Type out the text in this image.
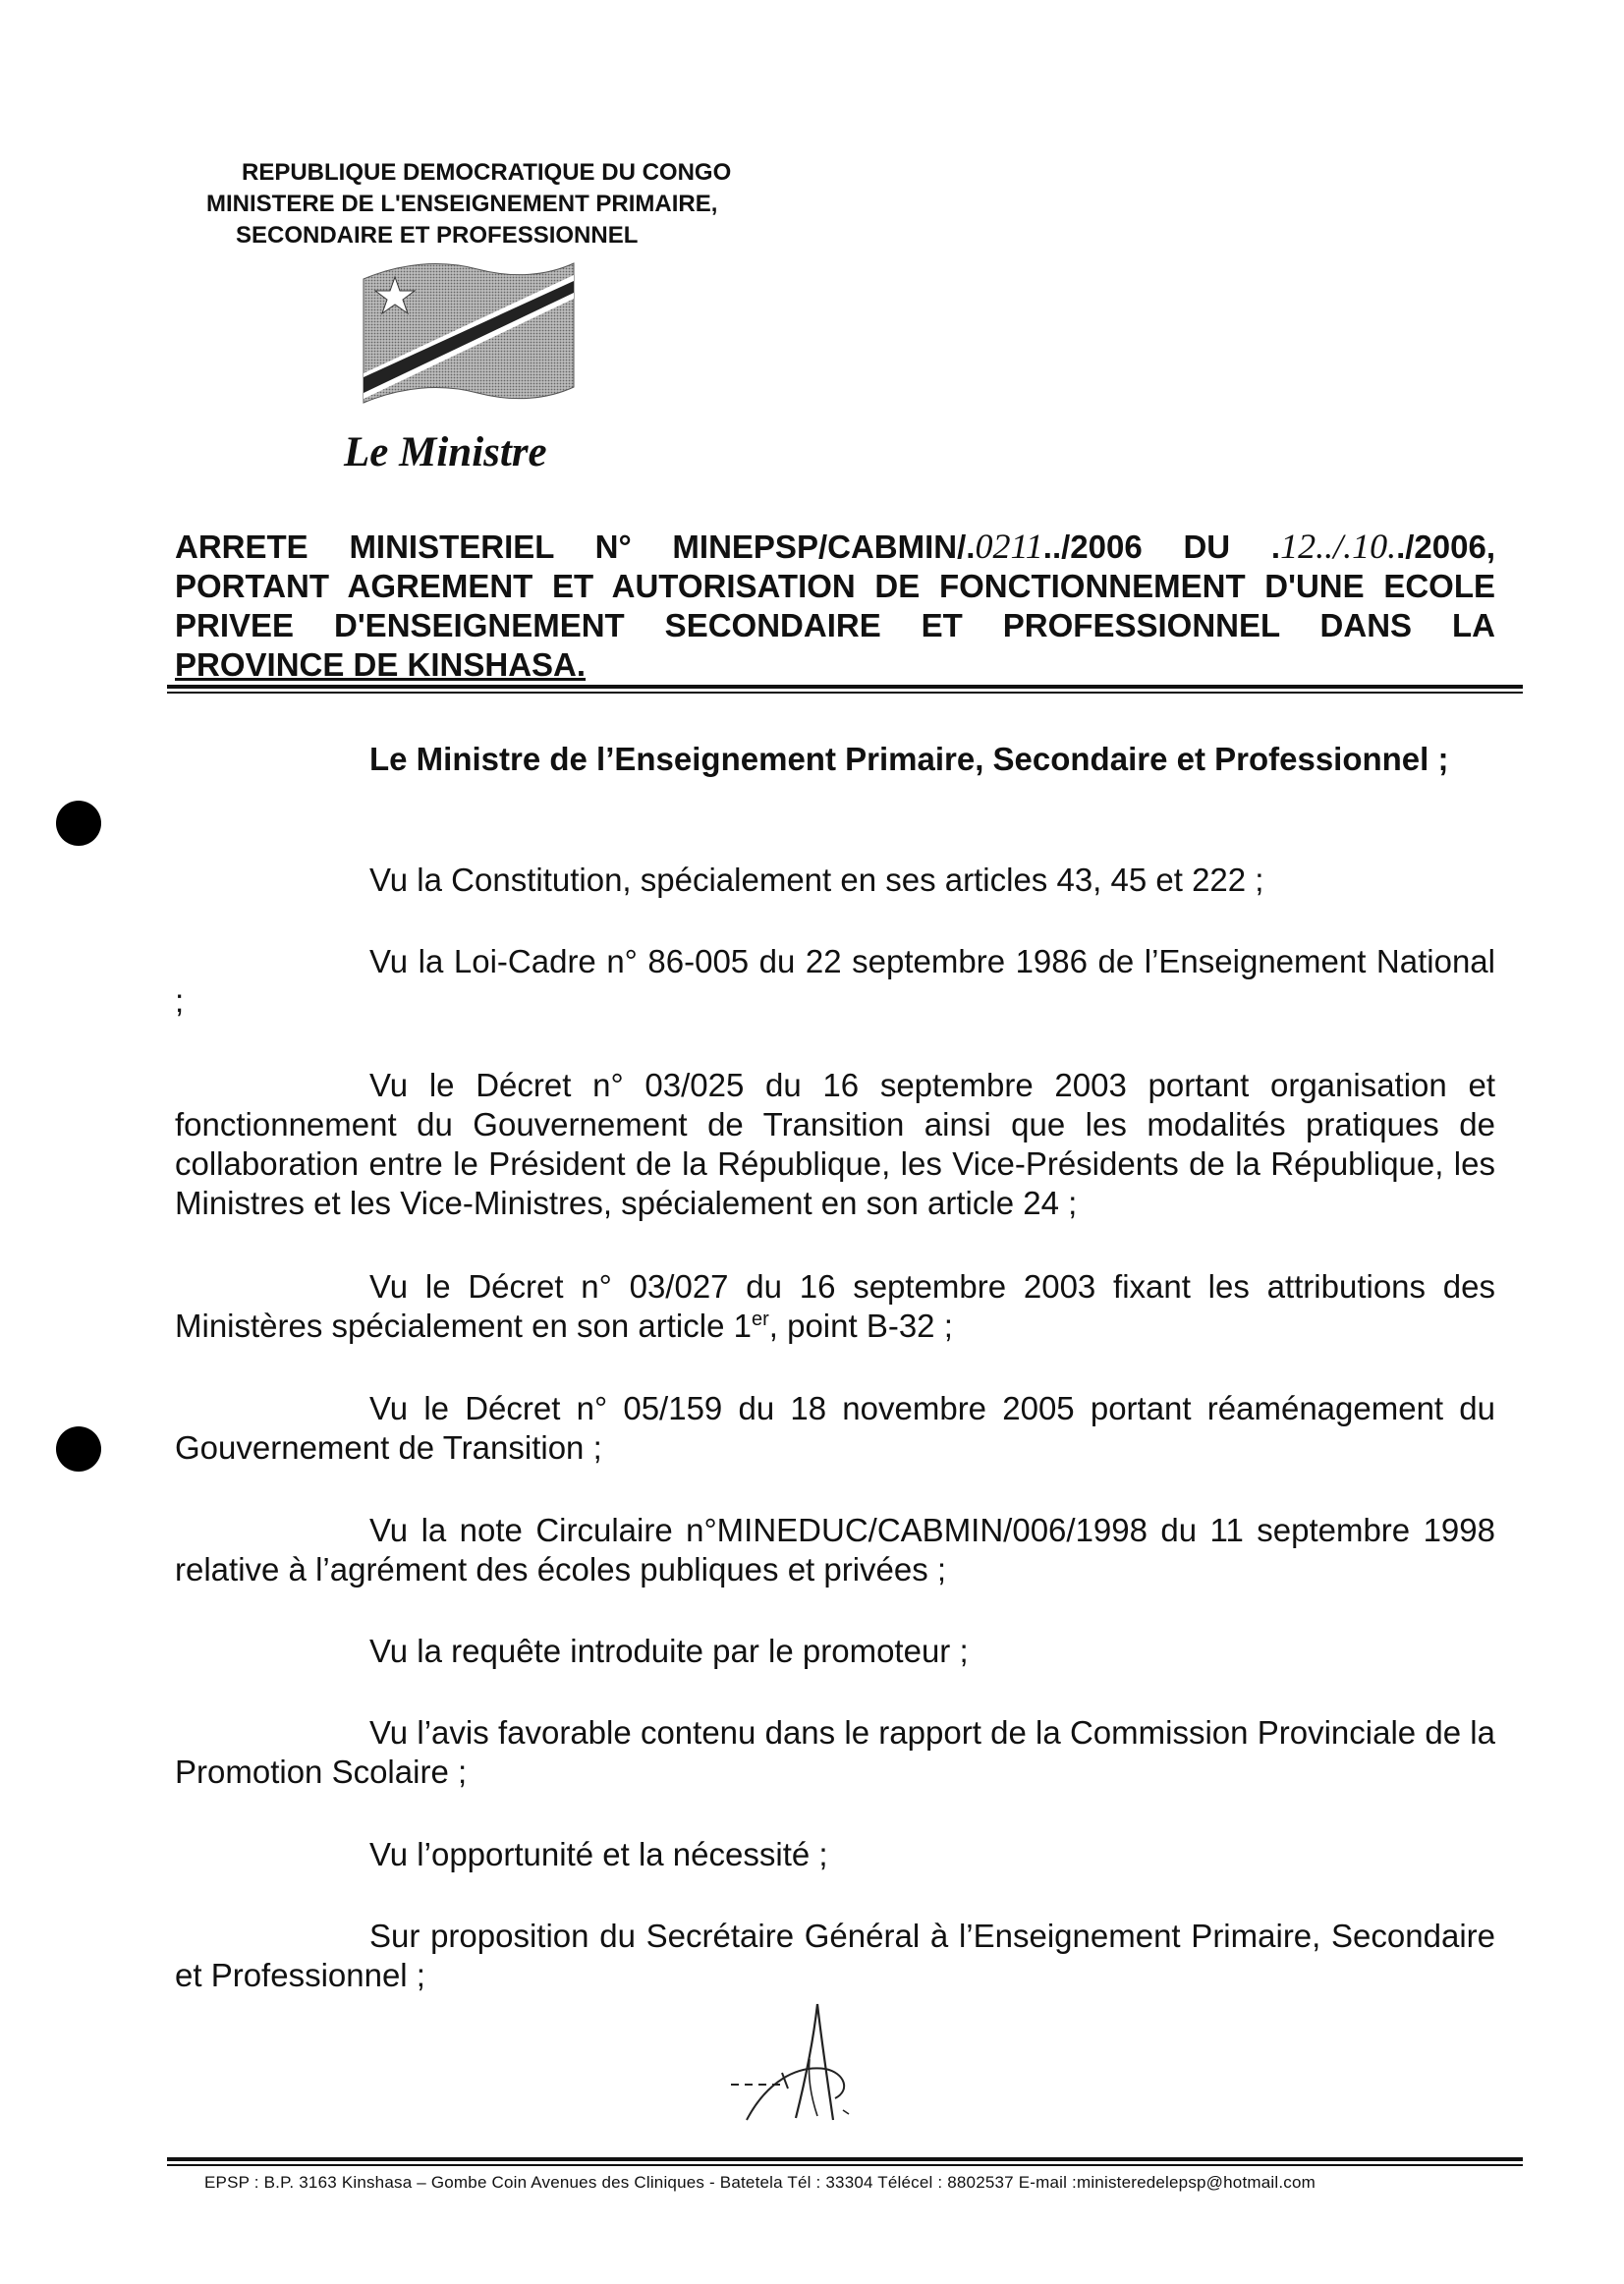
REPUBLIQUE DEMOCRATIQUE DU CONGO
MINISTERE DE L'ENSEIGNEMENT PRIMAIRE,
SECONDAIRE ET PROFESSIONNEL
Le Ministre
ARRETE MINISTERIEL N° MINEPSP/CABMIN/.0211../2006 DU .12../.10../2006,
PORTANT AGREMENT ET AUTORISATION DE FONCTIONNEMENT D'UNE ECOLE
PRIVEE D'ENSEIGNEMENT SECONDAIRE ET PROFESSIONNEL DANS LA
PROVINCE DE KINSHASA.
Le Ministre de l’Enseignement Primaire, Secondaire et Professionnel ;
Vu la Constitution, spécialement en ses articles 43, 45 et 222 ;
Vu la Loi-Cadre n° 86-005 du 22 septembre 1986 de l’Enseignement National ;
Vu le Décret n° 03/025 du 16 septembre 2003 portant organisation et fonctionnement du Gouvernement de Transition ainsi que les modalités pratiques de collaboration entre le Président de la République, les Vice-Présidents de la République, les Ministres et les Vice-Ministres, spécialement en son article 24 ;
Vu le Décret n° 03/027 du 16 septembre 2003 fixant les attributions des Ministères spécialement en son article 1er, point B-32 ;
Vu le Décret n° 05/159 du 18 novembre 2005 portant réaménagement du Gouvernement de Transition ;
Vu la note Circulaire n°MINEDUC/CABMIN/006/1998 du 11 septembre 1998 relative à l’agrément des écoles publiques et privées ;
Vu la requête introduite par le promoteur ;
Vu l’avis favorable contenu dans le rapport de la Commission Provinciale de la Promotion Scolaire ;
Vu l’opportunité et la nécessité ;
Sur proposition du Secrétaire Général à l’Enseignement Primaire, Secondaire et Professionnel ;
EPSP : B.P. 3163 Kinshasa – Gombe Coin Avenues des Cliniques - Batetela Tél : 33304 Télécel : 8802537 E-mail :ministeredelepsp@hotmail.com
